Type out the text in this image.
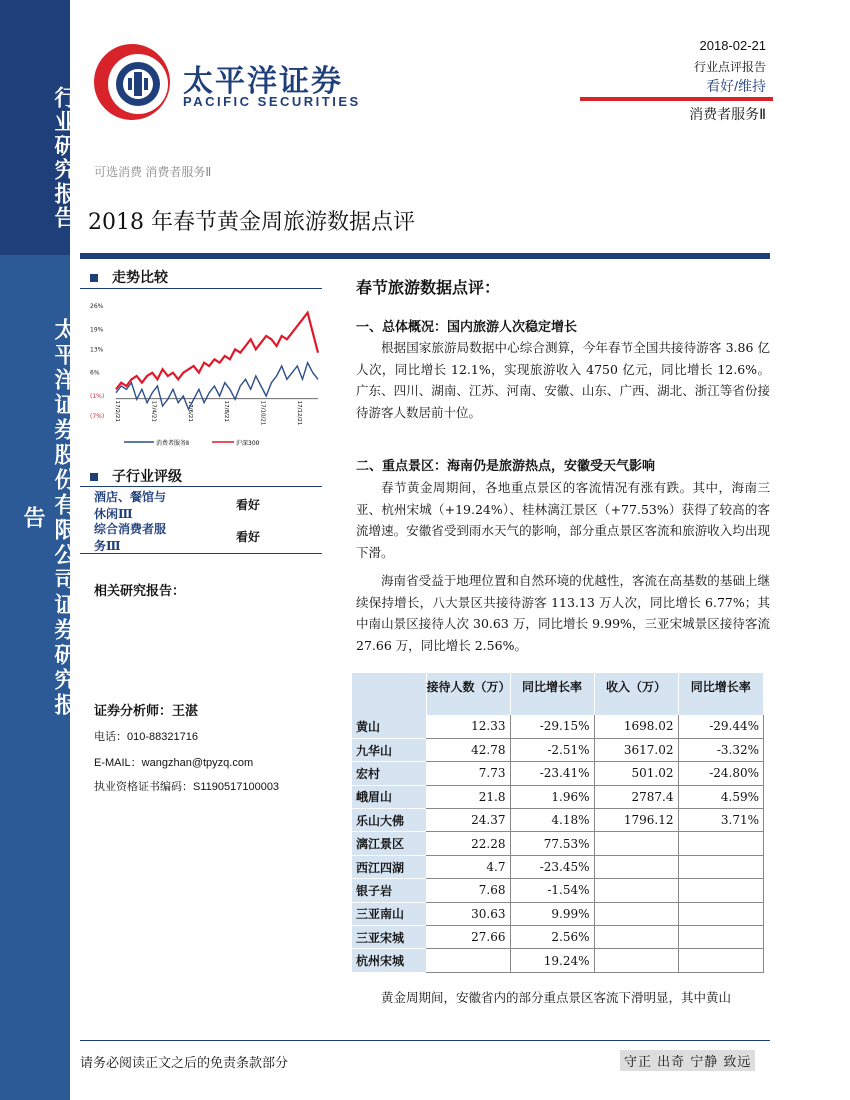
行业研究报告
太平洋证券股份有限公司证券研究报告
太平洋证券
PACIFIC SECURITIES
2018-02-21
行业点评报告
看好/维持
消费者服务Ⅱ
可选消费 消费者服务Ⅱ
2018 年春节黄金周旅游数据点评
走势比较
26%
19%
13%
6%
(1%)
(7%) 17/2/21	17/4/21	17/6/21	17/8/21	17/10/21	17/12/21
消费者服务Ⅱ	沪深300
子行业评级
酒店、餐馆与休闲Ⅲ
看好
综合消费者服务Ⅲ
看好
相关研究报告：
证券分析师：王湛
电话：010-88321716
E-MAIL：wangzhan@tpyzq.com
执业资格证书编码：S1190517100003
春节旅游数据点评：
一、总体概况：国内旅游人次稳定增长
根据国家旅游局数据中心综合测算，今年春节全国共接待游客 3.86 亿人次，同比增长 12.1%，实现旅游收入 4750 亿元，同比增长 12.6%。广东、四川、湖南、江苏、河南、安徽、山东、广西、湖北、浙江等省份接待游客人数居前十位。
二、重点景区：海南仍是旅游热点，安徽受天气影响
春节黄金周期间，各地重点景区的客流情况有涨有跌。其中，海南三亚、杭州宋城（+19.24%）、桂林漓江景区（+77.53%）获得了较高的客流增速。安徽省受到雨水天气的影响，部分重点景区客流和旅游收入均出现下滑。
海南省受益于地理位置和自然环境的优越性，客流在高基数的基础上继续保持增长，八大景区共接待游客 113.13 万人次，同比增长 6.77%；其中南山景区接待人次 30.63 万，同比增长 9.99%，三亚宋城景区接待客流 27.66 万，同比增长 2.56%。
	接待人数（万）	同比增长率	收入（万）	同比增长率
黄山	12.33	-29.15%	1698.02	-29.44%
九华山	42.78	-2.51%	3617.02	-3.32%
宏村	7.73	-23.41%	501.02	-24.80%
峨眉山	21.8	1.96%	2787.4	4.59%
乐山大佛	24.37	4.18%	1796.12	3.71%
漓江景区	22.28	77.53%		
西江四湖	4.7	-23.45%		
银子岩	7.68	-1.54%		
三亚南山	30.63	9.99%		
三亚宋城	27.66	2.56%		
杭州宋城		19.24%		
黄金周期间，安徽省内的部分重点景区客流下滑明显，其中黄山
请务必阅读正文之后的免责条款部分	守正 出奇 宁静 致远
